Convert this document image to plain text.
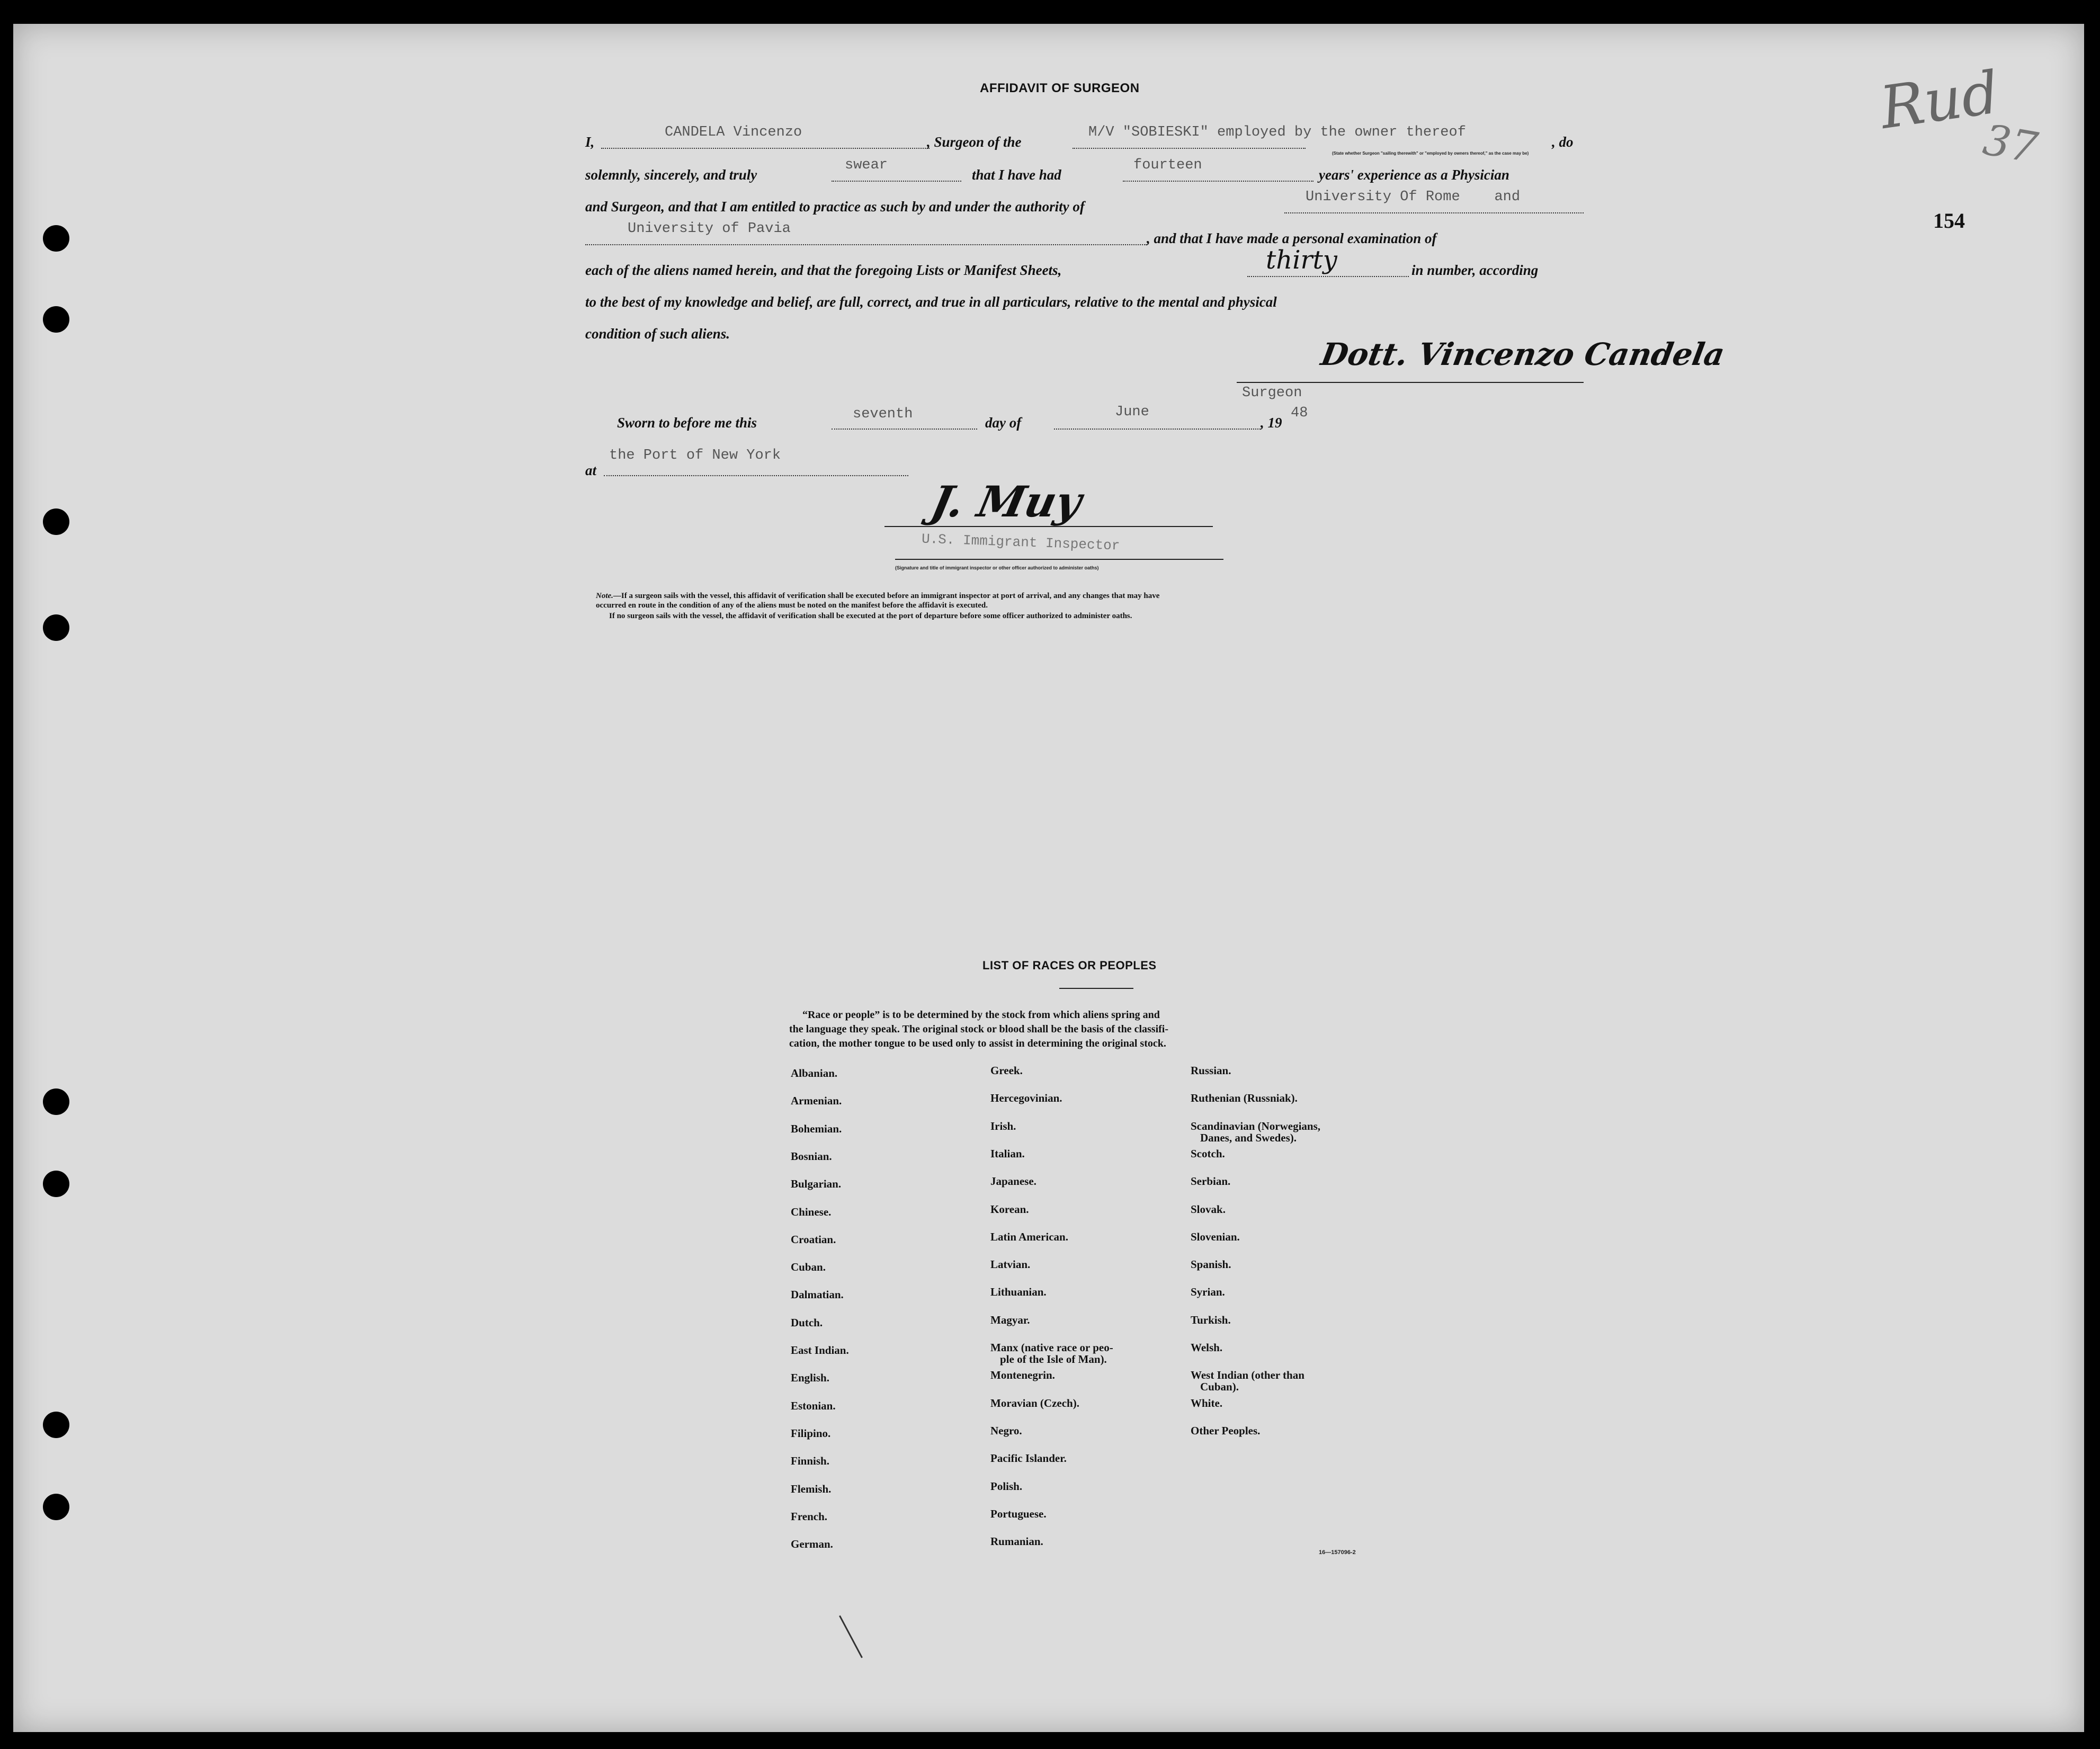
Rud
37
154
AFFIDAVIT OF SURGEON
I,
CANDELA Vincenzo
, Surgeon of the
M/V "SOBIESKI" employed by the owner thereof
, do
(State whether Surgeon "sailing therewith" or "employed by owners thereof," as the case may be)
solemnly, sincerely, and truly
swear
that I have had
fourteen
years' experience as a Physician
and Surgeon, and that I am entitled to practice as such by and under the authority of
University Of Rome    and
University of Pavia
, and that I have made a personal examination of
each of the aliens named herein, and that the foregoing Lists or Manifest Sheets,	thirty	in number, according
to the best of my knowledge and belief, are full, correct, and true in all particulars, relative to the mental and physical
condition of such aliens.
Dott. Vincenzo Candela
Surgeon
Sworn to before me this
seventh
day of
June
, 19
48
the Port of New York
at
J. Muy
U.S. Immigrant Inspector
(Signature and title of immigrant inspector or other officer authorized to administer oaths)
Note.—If a surgeon sails with the vessel, this affidavit of verification shall be executed before an immigrant inspector at port of arrival, and any changes that may have
occurred en route in the condition of any of the aliens must be noted on the manifest before the affidavit is executed.
If no surgeon sails with the vessel, the affidavit of verification shall be executed at the port of departure before some officer authorized to administer oaths.
LIST OF RACES OR PEOPLES
“Race or people” is to be determined by the stock from which aliens spring and
the language they speak. The original stock or blood shall be the basis of the classifi-
cation, the mother tongue to be used only to assist in determining the original stock.
Albanian.
Armenian.
Bohemian.
Bosnian.
Bulgarian.
Chinese.
Croatian.
Cuban.
Dalmatian.
Dutch.
East Indian.
English.
Estonian.
Filipino.
Finnish.
Flemish.
French.
German.
Greek.
Hercegovinian.
Irish.
Italian.
Japanese.
Korean.
Latin American.
Latvian.
Lithuanian.
Magyar.
Manx (native race or peo-
ple of the Isle of Man).
Montenegrin.
Moravian (Czech).
Negro.
Pacific Islander.
Polish.
Portuguese.
Rumanian.
Russian.
Ruthenian (Russniak).
Scandinavian (Norwegians,
Danes, and Swedes).
Scotch.
Serbian.
Slovak.
Slovenian.
Spanish.
Syrian.
Turkish.
Welsh.
West Indian (other than
Cuban).
White.
Other Peoples.
16—157096-2
